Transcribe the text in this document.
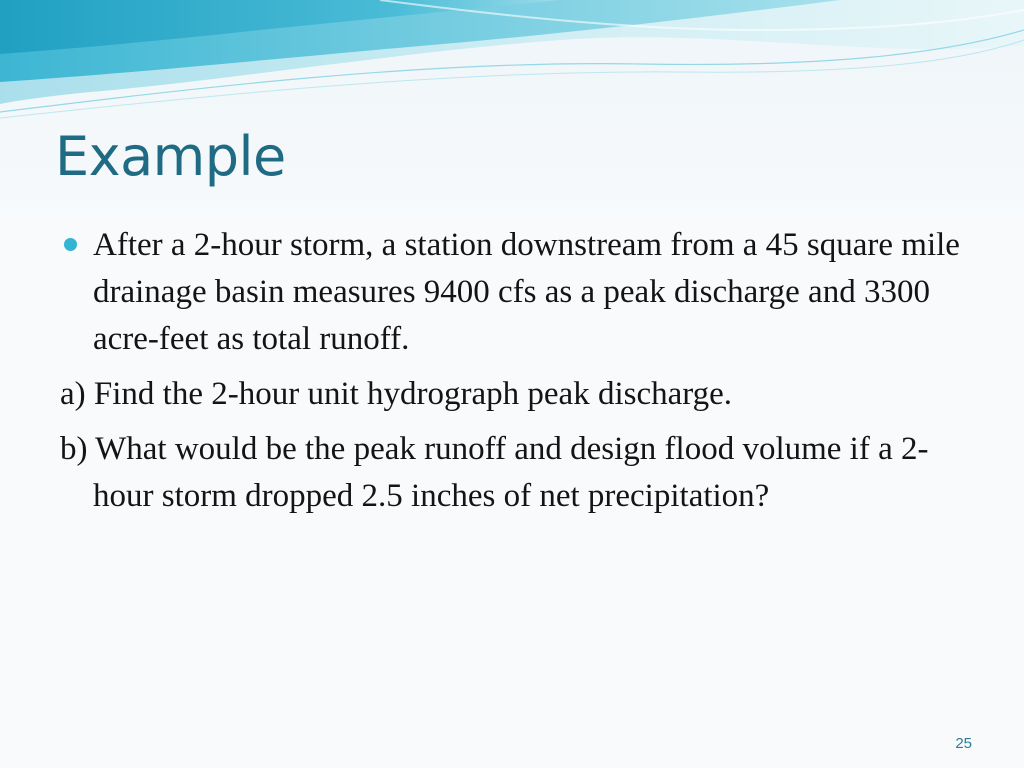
Example

After a 2-hour storm, a station downstream from a 45 square mile drainage basin measures 9400 cfs as a peak discharge and 3300 acre-feet as total runoff.

a) Find the 2-hour unit hydrograph peak discharge.

b) What would be the peak runoff and design flood volume if a 2-hour storm dropped 2.5 inches of net precipitation?

25
